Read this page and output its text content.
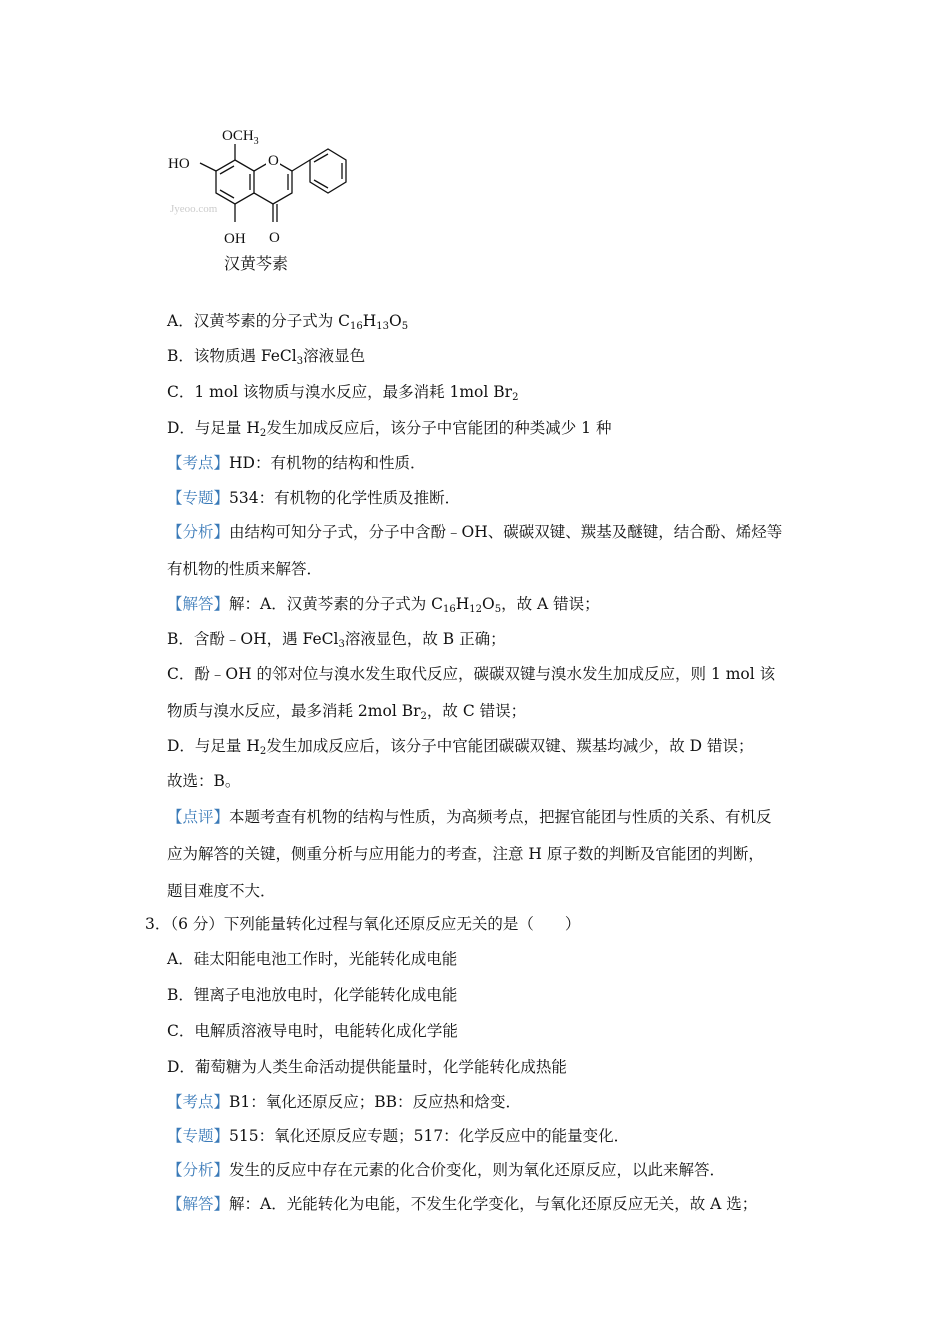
$OCH_3$
HO	O
OH O
Jyeoo.com
汉黄芩素
A．汉黄芩素的分子式为 $C_{16}H_{13}O_5$
B．该物质遇 FeCl$_3$溶液显色
C．1 mol 该物质与溴水反应，最多消耗 1mol $Br_2$
D．与足量 $H_2$发生加成反应后，该分子中官能团的种类减少 1 种
【考点】HD：有机物的结构和性质．
【专题】534：有机物的化学性质及推断．
【分析】由结构可知分子式，分子中含酚﹣OH、碳碳双键、羰基及醚键，结合酚、烯烃等
有机物的性质来解答．
【解答】解：A．汉黄芩素的分子式为 $C_{16}H_{12}O_5$，故 A 错误；
B．含酚﹣OH，遇 FeCl$_3$溶液显色，故 B 正确；
C．酚﹣OH 的邻对位与溴水发生取代反应，碳碳双键与溴水发生加成反应，则 1 mol 该
物质与溴水反应，最多消耗 2mol $Br_2$，故 C 错误；
D．与足量 $H_2$发生加成反应后，该分子中官能团碳碳双键、羰基均减少，故 D 错误；
故选：B。
【点评】本题考查有机物的结构与性质，为高频考点，把握官能团与性质的关系、有机反
应为解答的关键，侧重分析与应用能力的考查，注意 H 原子数的判断及官能团的判断，
题目难度不大．
3．（6 分）下列能量转化过程与氧化还原反应无关的是（　　）
A．硅太阳能电池工作时，光能转化成电能
B．锂离子电池放电时，化学能转化成电能
C．电解质溶液导电时，电能转化成化学能
D．葡萄糖为人类生命活动提供能量时，化学能转化成热能
【考点】B1：氧化还原反应；BB：反应热和焓变．
【专题】515：氧化还原反应专题；517：化学反应中的能量变化．
【分析】发生的反应中存在元素的化合价变化，则为氧化还原反应，以此来解答．
【解答】解：A．光能转化为电能，不发生化学变化，与氧化还原反应无关，故 A 选；
